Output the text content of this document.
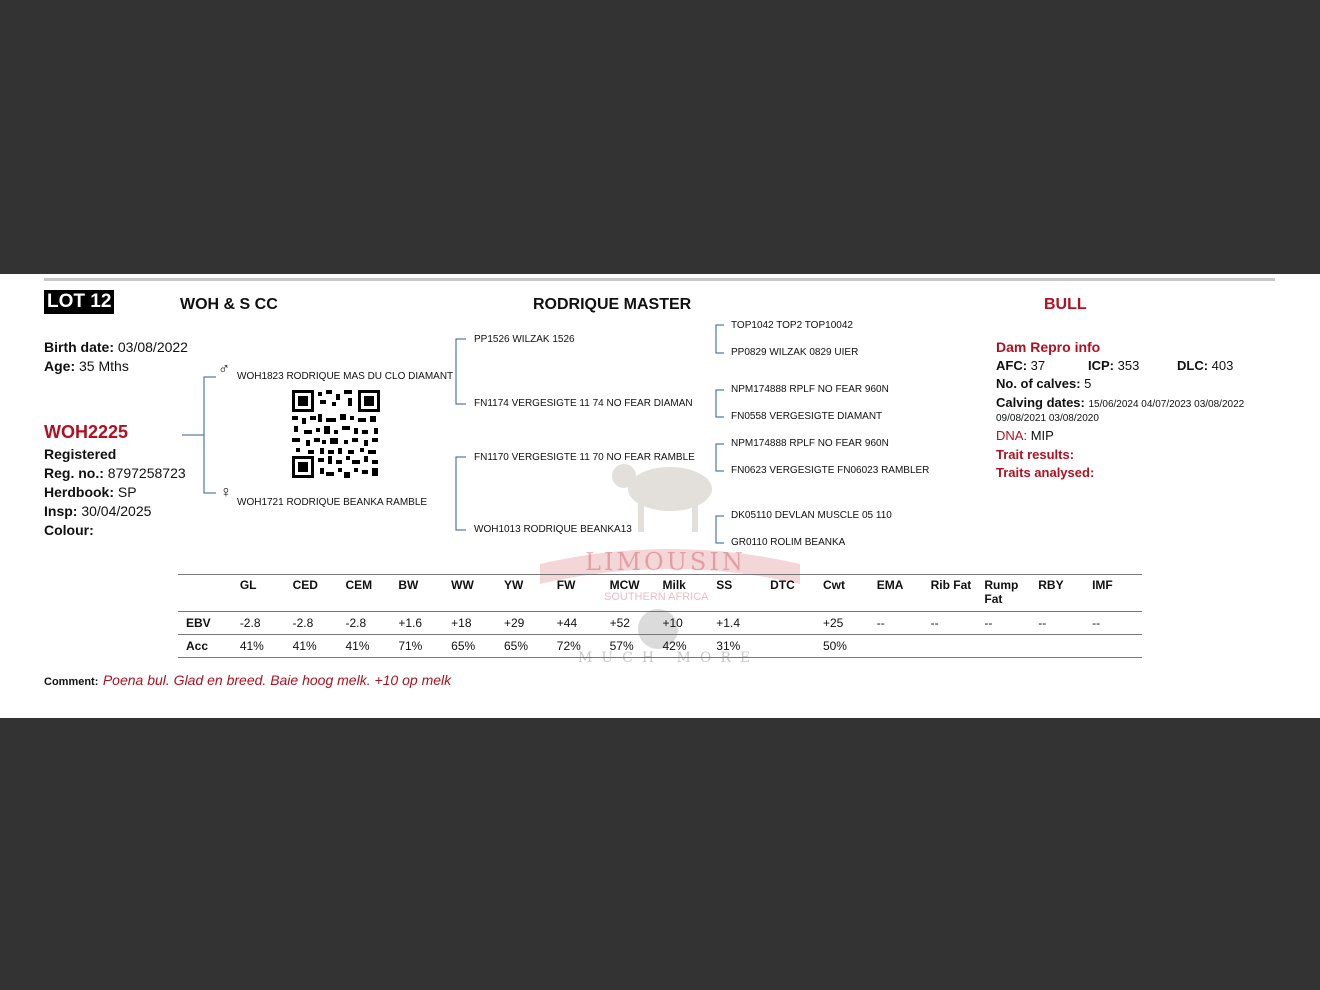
LIMOUSIN
SOUTHERN AFRICA
MUCH MORE
LOT 12	WOH & S CC	RODRIQUE MASTER	BULL
Birth date: 03/08/2022
Age: 35 Mths
WOH2225
Registered
Reg. no.: 8797258723
Herdbook: SP
Insp: 30/04/2025
Colour:
♂
♀
WOH1823 RODRIQUE MAS DU CLO DIAMANT
WOH1721 RODRIQUE BEANKA RAMBLE
PP1526 WILZAK 1526
FN1174 VERGESIGTE 11 74 NO FEAR DIAMAN
FN1170 VERGESIGTE 11 70 NO FEAR RAMBLE
WOH1013 RODRIQUE BEANKA13
TOP1042 TOP2 TOP10042
PP0829 WILZAK 0829 UIER
NPM174888 RPLF NO FEAR 960N
FN0558 VERGESIGTE DIAMANT
NPM174888 RPLF NO FEAR 960N
FN0623 VERGESIGTE FN06023 RAMBLER
DK05110 DEVLAN MUSCLE 05 110
GR0110 ROLIM BEANKA
Dam Repro info
AFC: 37	ICP: 353	DLC: 403
No. of calves: 5
Calving dates: 15/06/2024 04/07/2023 03/08/2022
09/08/2021 03/08/2020
DNA: MIP
Trait results:
Traits analysed:
	GL	CED	CEM	BW	WW	YW	FW	MCW	Milk	SS	DTC	Cwt	EMA	Rib Fat	Rump Fat	RBY	IMF
EBV	-2.8	-2.8	-2.8	+1.6	+18	+29	+44	+52	+10	+1.4		+25	--	--	--	--	--
Acc	41%	41%	41%	71%	65%	65%	72%	57%	42%	31%		50%					
Comment: Poena bul. Glad en breed. Baie hoog melk. +10 op melk
